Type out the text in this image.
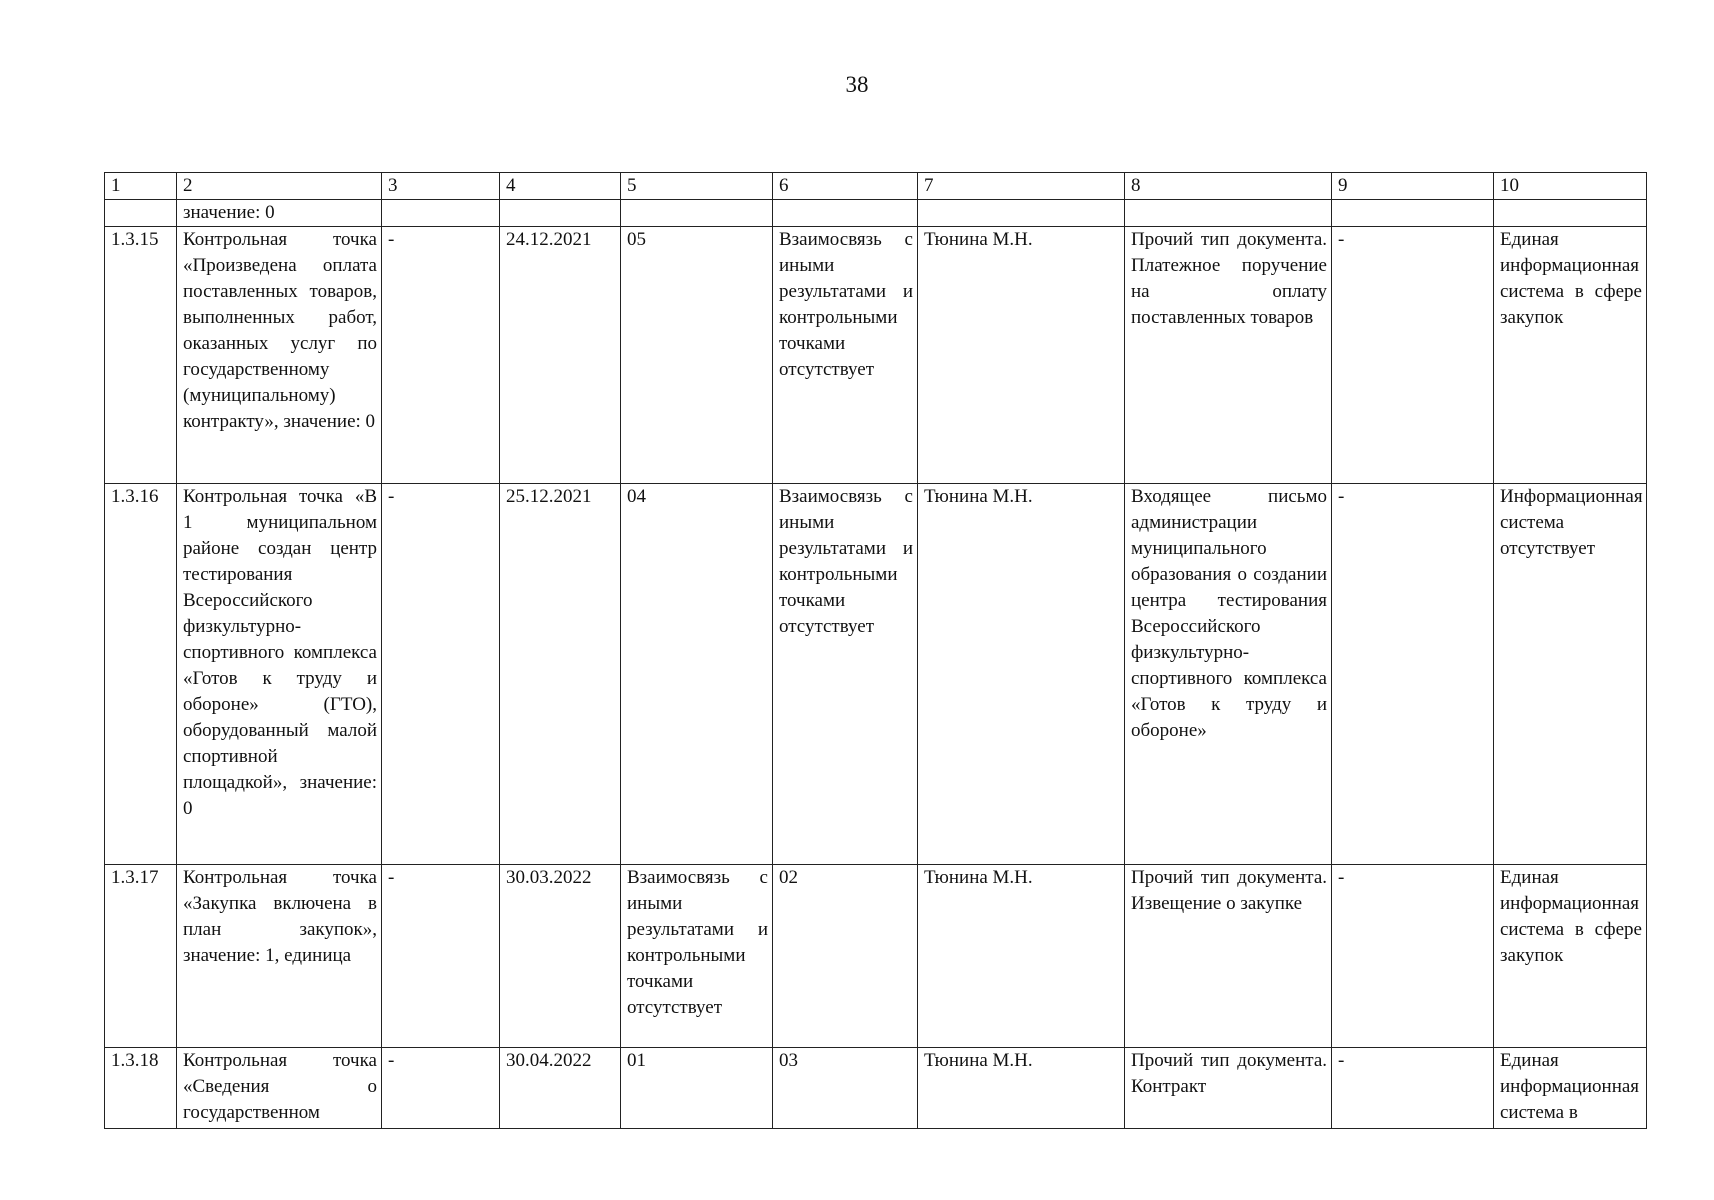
38
1	2	3	4	5	6	7	8	9	10
	значение: 0								
1.3.15	Контрольная точка «Произведена оплата поставленных товаров, выполненных работ, оказанных услуг по государственному (муниципальному) контракту», значение: 0	-	24.12.2021	05	Взаимосвязь с иными результатами и контрольными точками отсутствует	Тюнина М.Н.	Прочий тип документа. Платежное поручение на оплату поставленных товаров	-	Единая информационная система в сфере закупок
1.3.16	Контрольная точка «В 1 муниципальном районе создан центр тестирования Всероссийского физкультурно-спортивного комплекса «Готов к труду и обороне» (ГТО), оборудованный малой спортивной площадкой», значение: 0	-	25.12.2021	04	Взаимосвязь с иными результатами и контрольными точками отсутствует	Тюнина М.Н.	Входящее письмо администрации муниципального образования о создании центра тестирования Всероссийского физкультурно-спортивного комплекса «Готов к труду и обороне»	-	Информационная система отсутствует
1.3.17	Контрольная точка «Закупка включена в план закупок», значение: 1, единица	-	30.03.2022	Взаимосвязь с иными результатами и контрольными точками отсутствует	02	Тюнина М.Н.	Прочий тип документа. Извещение о закупке	-	Единая информационная система в сфере закупок
1.3.18	Контрольная точка «Сведения о государственном	-	30.04.2022	01	03	Тюнина М.Н.	Прочий тип документа. Контракт	-	Единая информационная система в
